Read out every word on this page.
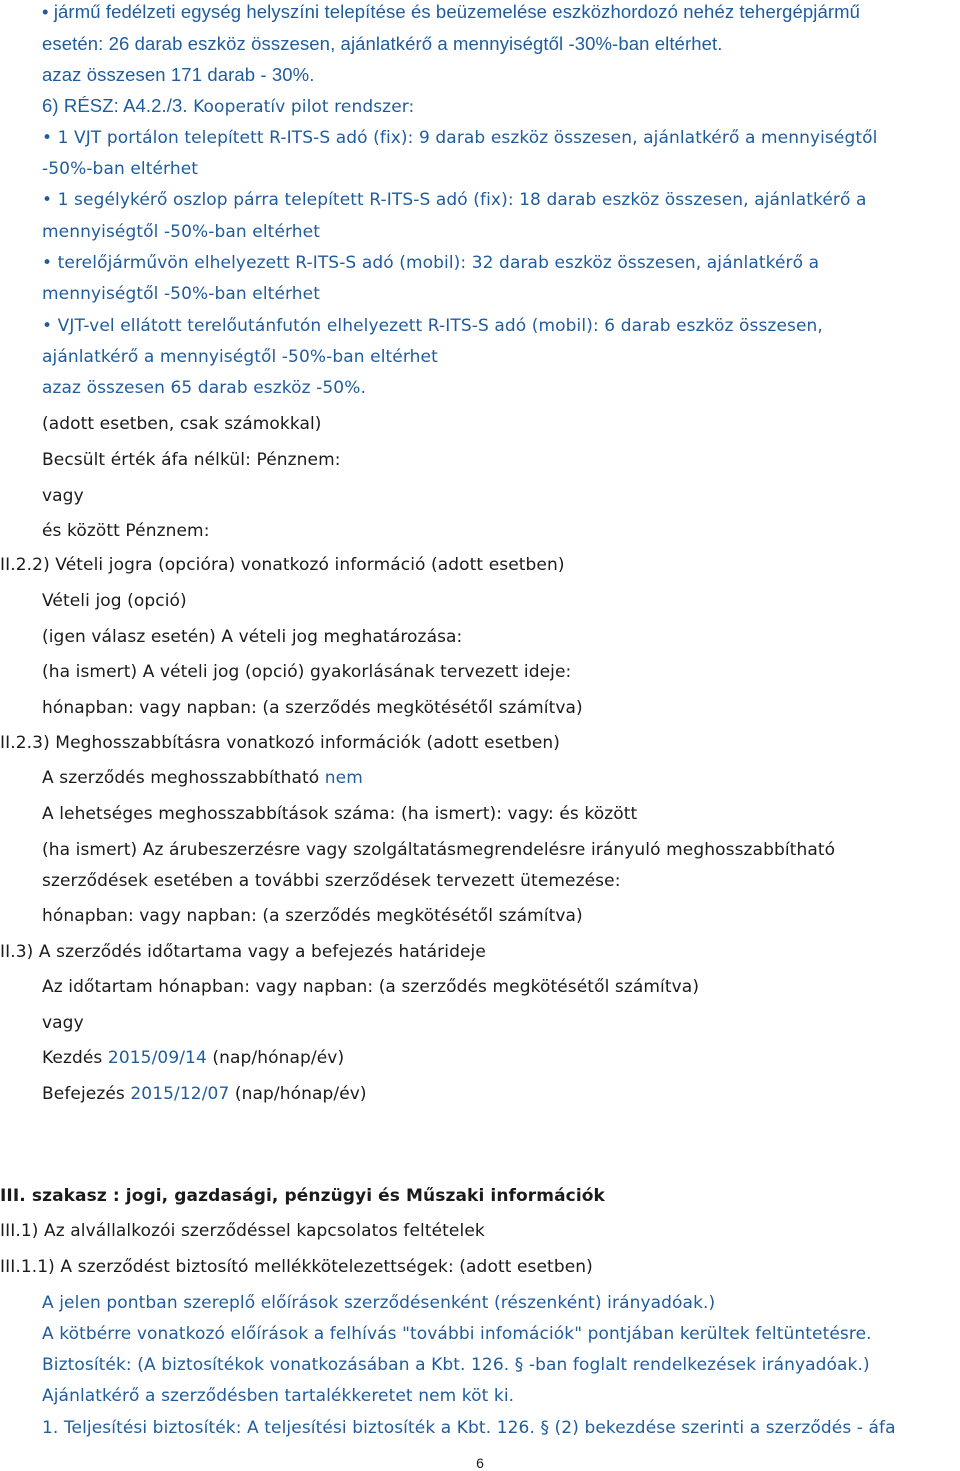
• jármű fedélzeti egység helyszíni telepítése és beüzemelése eszközhordozó nehéz tehergépjármű
esetén: 26 darab eszköz összesen, ajánlatkérő a mennyiségtől -30%-ban eltérhet.
azaz összesen 171 darab - 30%.
6) RÉSZ: A4.2./3. Kooperatív pilot rendszer:
• 1 VJT portálon telepített R-ITS-S adó (fix): 9 darab eszköz összesen, ajánlatkérő a mennyiségtől
-50%-ban eltérhet
• 1 segélykérő oszlop párra telepített R-ITS-S adó (fix): 18 darab eszköz összesen, ajánlatkérő a
mennyiségtől -50%-ban eltérhet
• terelőjárművön elhelyezett R-ITS-S adó (mobil): 32 darab eszköz összesen, ajánlatkérő a
mennyiségtől -50%-ban eltérhet
• VJT-vel ellátott terelőutánfutón elhelyezett R-ITS-S adó (mobil): 6 darab eszköz összesen,
ajánlatkérő a mennyiségtől -50%-ban eltérhet
azaz összesen 65 darab eszköz -50%.
(adott esetben, csak számokkal)
Becsült érték áfa nélkül: Pénznem:
vagy
és között Pénznem:
II.2.2) Vételi jogra (opcióra) vonatkozó információ (adott esetben)
Vételi jog (opció)
(igen válasz esetén) A vételi jog meghatározása:
(ha ismert) A vételi jog (opció) gyakorlásának tervezett ideje:
hónapban: vagy napban: (a szerződés megkötésétől számítva)
II.2.3) Meghosszabbításra vonatkozó információk (adott esetben)
A szerződés meghosszabbítható nem
A lehetséges meghosszabbítások száma: (ha ismert): vagy: és között
(ha ismert) Az árubeszerzésre vagy szolgáltatásmegrendelésre irányuló meghosszabbítható
szerződések esetében a további szerződések tervezett ütemezése:
hónapban: vagy napban: (a szerződés megkötésétől számítva)
II.3) A szerződés időtartama vagy a befejezés határideje
Az időtartam hónapban: vagy napban: (a szerződés megkötésétől számítva)
vagy
Kezdés 2015/09/14 (nap/hónap/év)
Befejezés 2015/12/07 (nap/hónap/év)
III. szakasz : jogi, gazdasági, pénzügyi és Műszaki információk
III.1) Az alvállalkozói szerződéssel kapcsolatos feltételek
III.1.1) A szerződést biztosító mellékkötelezettségek: (adott esetben)
A jelen pontban szereplő előírások szerződésenként (részenként) irányadóak.)
A kötbérre vonatkozó előírások a felhívás "további infomációk" pontjában kerültek feltüntetésre.
Biztosíték: (A biztosítékok vonatkozásában a Kbt. 126. § -ban foglalt rendelkezések irányadóak.)
Ajánlatkérő a szerződésben tartalékkeretet nem köt ki.
1. Teljesítési biztosíték: A teljesítési biztosíték a Kbt. 126. § (2) bekezdése szerinti a szerződés - áfa
6
